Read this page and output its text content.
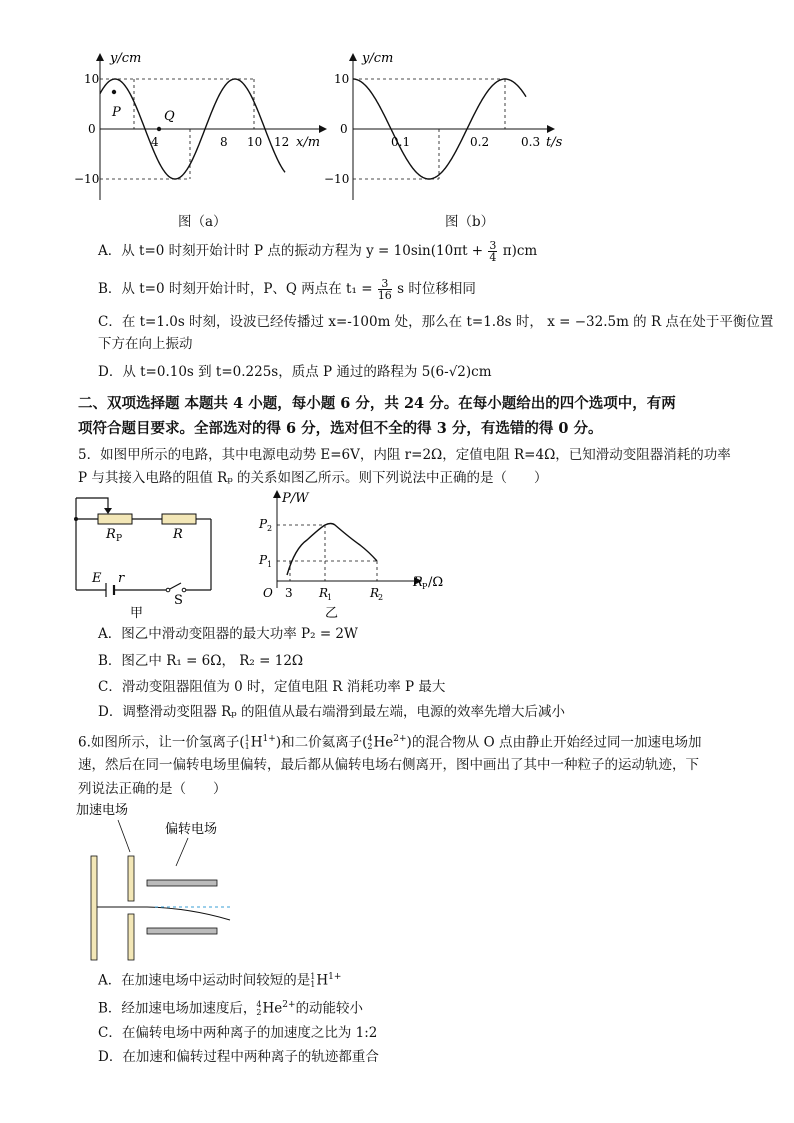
y/cm
10
0
−10
4	8 10 12 x/m
P	Q
图（a）
y/cm
10
0
−10
0.1	0.2	0.3 t/s
图（b）
A．从 t=0 时刻开始计时 P 点的振动方程为 $y = 10\sin(10\pi t + \frac{3}{4} \pi)cm$
B．从 t=0 时刻开始计时，P、Q 两点在 $t_1 = \frac{3}{16}$ s 时位移相同
C．在 t=1.0s 时刻，设波已经传播过 x=-100m 处，那么在 t=1.8s 时， x = −32.5m 的 R 点在处于平衡位置
下方在向上振动
D．从 t=0.10s 到 t=0.225s，质点 P 通过的路程为 5(6-√2)cm
二、双项选择题 本题共 4 小题，每小题 6 分，共 24 分。在每小题给出的四个选项中，有两
项符合题目要求。全部选对的得 6 分，选对但不全的得 3 分，有选错的得 0 分。
5．如图甲所示的电路，其中电源电动势 E=6V，内阻 r=2Ω，定值电阻 R=4Ω，已知滑动变阻器消耗的功率
P 与其接入电路的阻值 Rₚ 的关系如图乙所示。则下列说法中正确的是（　　）
R P	R
E r
S
甲
P/W
P 2
P 1
O 3 R
1	R
2
R P /Ω
乙
A．图乙中滑动变阻器的最大功率 P₂ = 2W
B．图乙中 R₁ = 6Ω， R₂ = 12Ω
C．滑动变阻器阻值为 0 时，定值电阻 R 消耗功率 P 最大
D．调整滑动变阻器 Rₚ 的阻值从最右端滑到最左端，电源的效率先增大后减小
6.如图所示，让一价氢离子( 1
1 $H^{1+}$)和二价氦离子( 4
2 $He^{2+}$)的混合物从 O 点由静止开始经过同一加速电场加
速，然后在同一偏转电场里偏转，最后都从偏转电场右侧离开，图中画出了其中一种粒子的运动轨迹，下
列说法正确的是（　　）
加速电场
偏转电场
A．在加速电场中运动时间较短的是 1
1 $H^{1+}$
B．经加速电场加速度后， 4
2 $He^{2+}$的动能较小
C．在偏转电场中两种离子的加速度之比为 1:2
D．在加速和偏转过程中两种离子的轨迹都重合
